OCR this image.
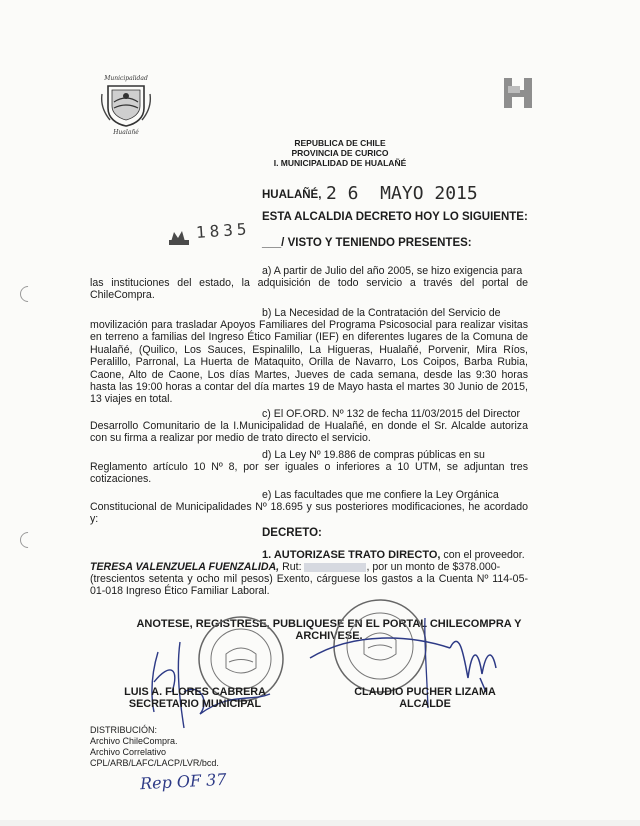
Municipalidad
Hualañé
REPUBLICA DE CHILE
PROVINCIA DE CURICO
I. MUNICIPALIDAD DE HUALAÑÉ
HUALAÑÉ, 2 6  MAYO 2015
1835
ESTA ALCALDIA DECRETO HOY LO SIGUIENTE:
___/ VISTO Y TENIENDO PRESENTES:
a) A partir de Julio del año 2005, se hizo exigencia para
las instituciones del estado, la adquisición de todo servicio a través del portal de ChileCompra.
b) La Necesidad de la Contratación del Servicio de
movilización para trasladar Apoyos Familiares del Programa Psicosocial para realizar visitas en terreno a familias del Ingreso Ético Familiar (IEF) en diferentes lugares de la Comuna de Hualañé, (Quilico, Los Sauces, Espinalillo, La Higueras, Hualañé, Porvenir, Mira Ríos, Peralillo, Parronal, La Huerta de Mataquito, Orilla de Navarro, Los Coipos, Barba Rubia, Caone, Alto de Caone, Los días Martes, Jueves de cada semana, desde las 9:30 horas hasta las 19:00 horas a contar del día martes 19 de Mayo hasta el martes 30 Junio de 2015, 13 viajes en total.
c) El OF.ORD. Nº 132 de fecha 11/03/2015 del Director
Desarrollo Comunitario de la I.Municipalidad de Hualañé, en donde el Sr. Alcalde autoriza con su firma a realizar por medio de trato directo el servicio.
d) La Ley Nº 19.886 de compras públicas en su
Reglamento artículo 10 Nº 8, por ser iguales o inferiores a 10 UTM, se adjuntan tres cotizaciones.
e) Las facultades que me confiere la Ley Orgánica
Constitucional de Municipalidades Nº 18.695 y sus posteriores modificaciones, he acordado y:
DECRETO:
1. AUTORIZASE TRATO DIRECTO, con el proveedor.
TERESA VALENZUELA FUENZALIDA, Rut:	, por un monto de $378.000-
(trescientos setenta y ocho mil pesos) Exento, cárguese los gastos a la Cuenta Nº 114-05-01-018 Ingreso Ético Familiar Laboral.
ANOTESE, REGISTRESE, PUBLIQUESE EN EL PORTAL CHILECOMPRA Y
ARCHIVESE.
LUIS A. FLORES CABRERA
SECRETARIO MUNICIPAL
CLAUDIO PUCHER LIZAMA
ALCALDE
DISTRIBUCIÓN:
Archivo ChileCompra.
Archivo Correlativo
CPL/ARB/LAFC/LACP/LVR/bcd.
Rep OF 37
